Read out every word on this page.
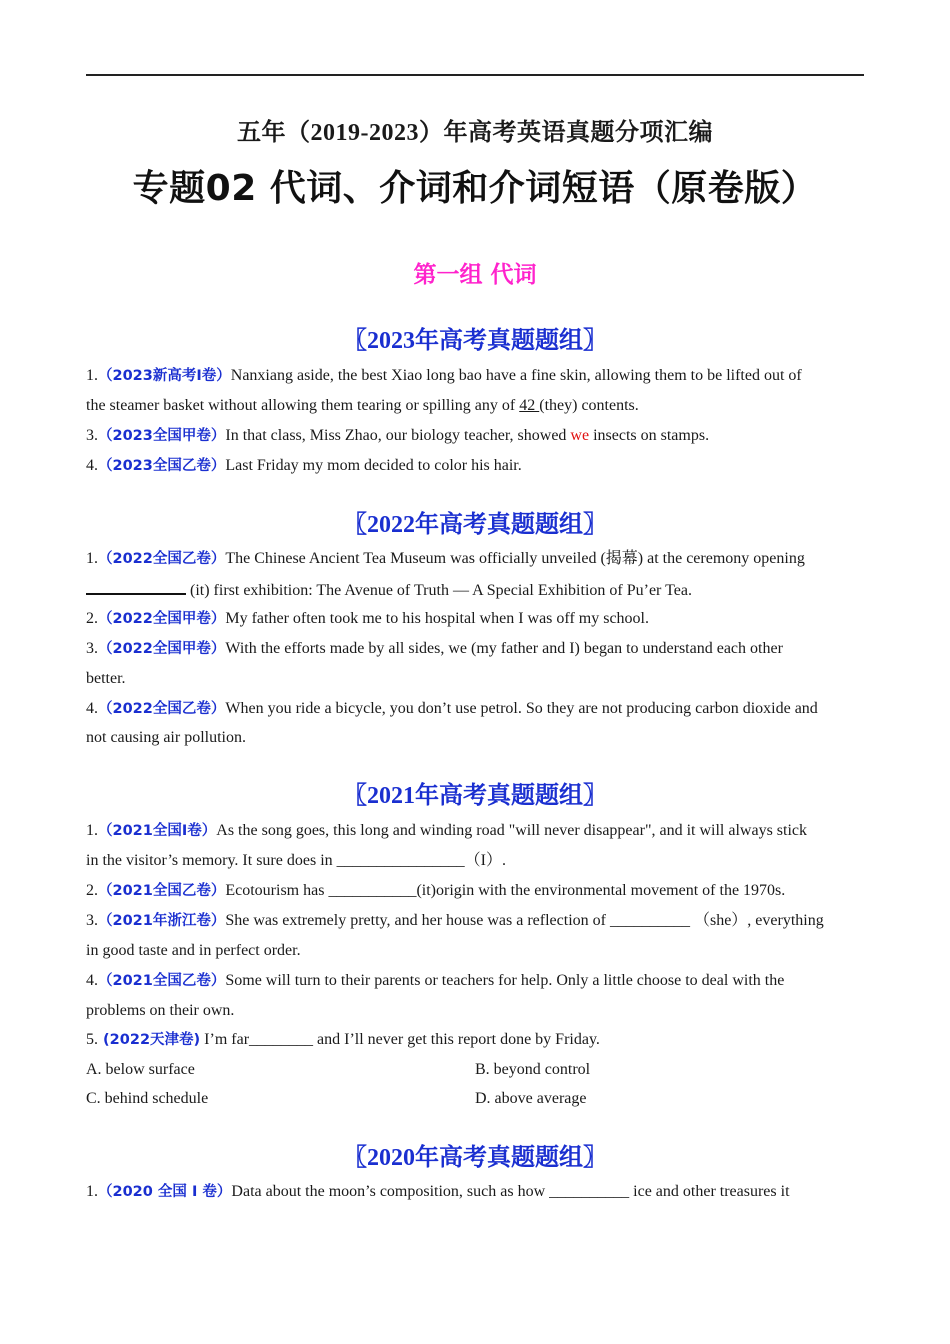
五年（2019-2023）年高考英语真题分项汇编
专题02 代词、介词和介词短语（原卷版）
第一组 代词
〖2023年高考真题题组〗
1.（2023新高考I卷）Nanxiang aside, the best Xiao long bao have a fine skin, allowing them to be lifted out of
the steamer basket without allowing them tearing or spilling any of 42 (they) contents.
3.（2023全国甲卷）In that class, Miss Zhao, our biology teacher, showed we insects on stamps.
4.（2023全国乙卷）Last Friday my mom decided to color his hair.
〖2022年高考真题题组〗
1.（2022全国乙卷）The Chinese Ancient Tea Museum was officially unveiled (揭幕) at the ceremony opening
(it) first exhibition: The Avenue of Truth — A Special Exhibition of Pu’er Tea.
2.（2022全国甲卷）My father often took me to his hospital when I was off my school.
3.（2022全国甲卷）With the efforts made by all sides, we (my father and I) began to understand each other
better.
4.（2022全国乙卷）When you ride a bicycle, you don’t use petrol. So they are not producing carbon dioxide and
not causing air pollution.
〖2021年高考真题题组〗
1.（2021全国I卷）As the song goes, this long and winding road "will never disappear", and it will always stick
in the visitor’s memory. It sure does in ________________（I）.
2.（2021全国乙卷）Ecotourism has ___________(it)origin with the environmental movement of the 1970s.
3.（2021年浙江卷）She was extremely pretty, and her house was a reflection of __________ （she）, everything
in good taste and in perfect order.
4.（2021全国乙卷）Some will turn to their parents or teachers for help. Only a little choose to deal with the
problems on their own.
5. (2022天津卷) I’m far________ and I’ll never get this report done by Friday.
A. below surface	B. beyond control
C. behind schedule	D. above average
〖2020年高考真题题组〗
1.（2020 全国 I 卷）Data about the moon’s composition, such as how __________ ice and other treasures it
